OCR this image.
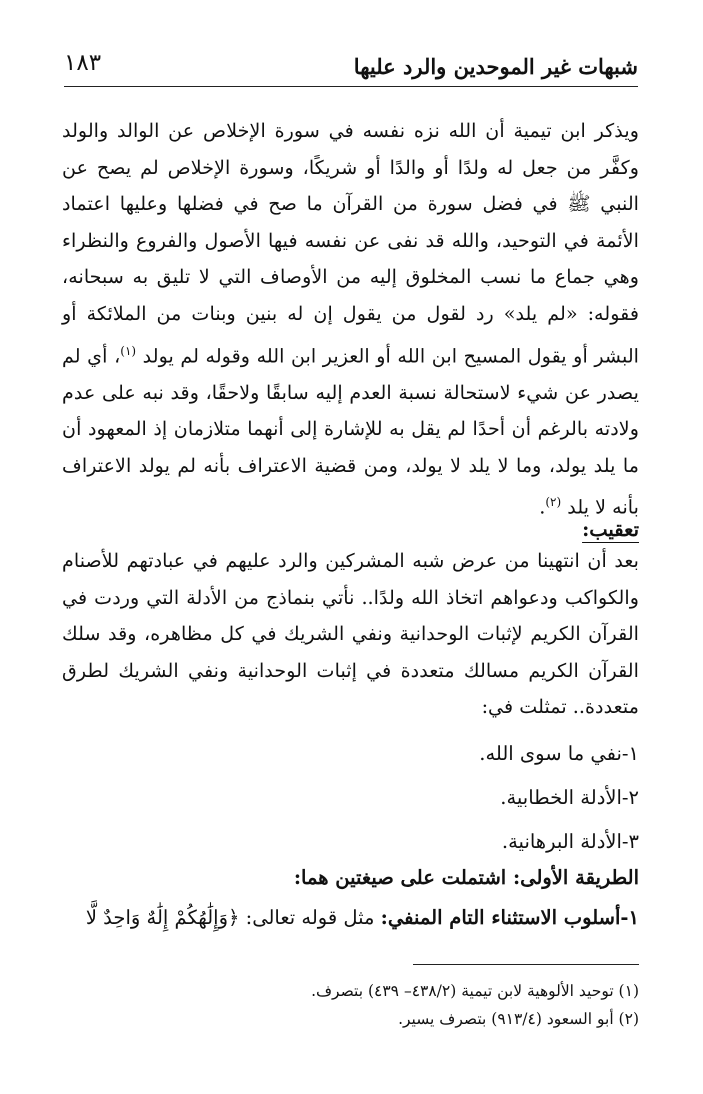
شبهات غير الموحدين والرد عليها
١٨٣
ويذكر ابن تيمية أن الله نزه نفسه في سورة الإخلاص عن الوالد والولد وكفَّر من جعل له ولدًا أو والدًا أو شريكًا، وسورة الإخلاص لم يصح عن النبي ﷺ في فضل سورة من القرآن ما صح في فضلها وعليها اعتماد الأئمة في التوحيد، والله قد نفى عن نفسه فيها الأصول والفروع والنظراء وهي جماع ما نسب المخلوق إليه من الأوصاف التي لا تليق به سبحانه، فقوله: «لم يلد» رد لقول من يقول إن له بنين وبنات من الملائكة أو البشر أو يقول المسيح ابن الله أو العزير ابن الله وقوله لم يولد $^{(١)}$، أي لم يصدر عن شيء لاستحالة نسبة العدم إليه سابقًا ولاحقًا، وقد نبه على عدم ولادته بالرغم أن أحدًا لم يقل به للإشارة إلى أنهما متلازمان إذ المعهود أن ما يلد يولد، وما لا يلد لا يولد، ومن قضية الاعتراف بأنه لم يولد الاعتراف بأنه لا يلد $^{(٢)}$.
تعقيب:
بعد أن انتهينا من عرض شبه المشركين والرد عليهم في عبادتهم للأصنام والكواكب ودعواهم اتخاذ الله ولدًا.. نأتي بنماذج من الأدلة التي وردت في القرآن الكريم لإثبات الوحدانية ونفي الشريك في كل مظاهره، وقد سلك القرآن الكريم مسالك متعددة في إثبات الوحدانية ونفي الشريك لطرق متعددة.. تمثلت في:
١-نفي ما سوى الله.
٢-الأدلة الخطابية.
٣-الأدلة البرهانية.
الطريقة الأولى: اشتملت على صيغتين هما:
١-أسلوب الاستثناء التام المنفي: مثل قوله تعالى: ﴿وَإِلَٰهُكُمْ إِلَٰهٌ وَاحِدٌ لَّا
(١) توحيد الألوهية لابن تيمية (٤٣٨/٢– ٤٣٩) بتصرف.
(٢) أبو السعود (٩١٣/٤) بتصرف يسير.
